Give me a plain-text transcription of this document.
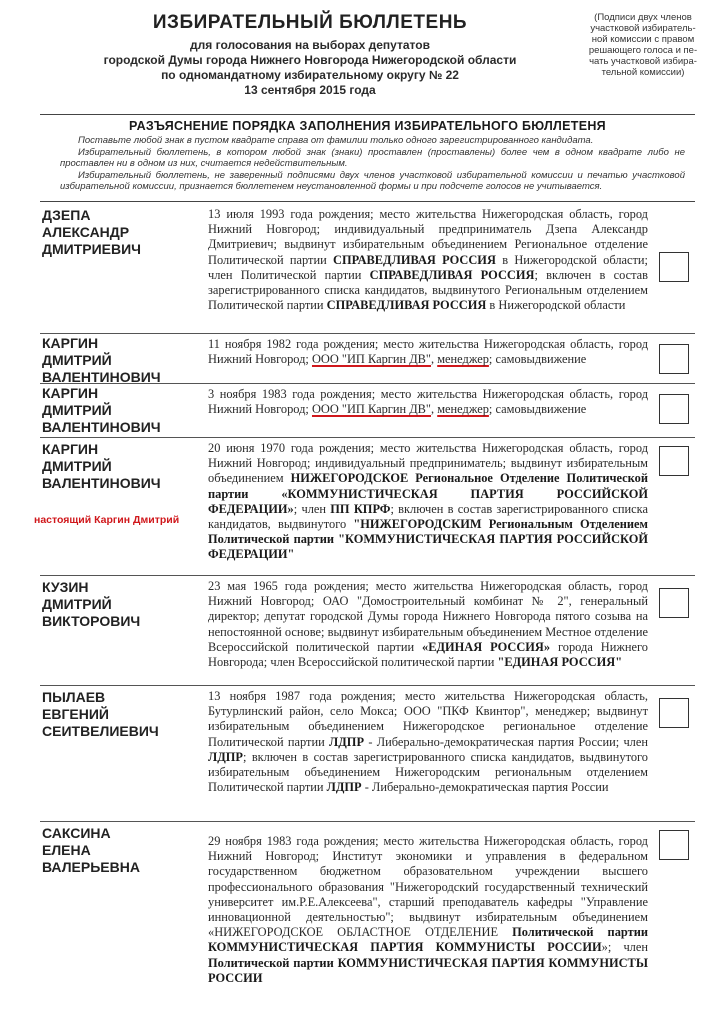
ИЗБИРАТЕЛЬНЫЙ БЮЛЛЕТЕНЬ
для голосования на выборах депутатов
городской Думы города Нижнего Новгорода Нижегородской области
по одномандатному избирательному округу № 22
13 сентября 2015 года
(Подписи двух членов участковой избиратель-ной комиссии с правом решающего голоса и пе-чать участковой избира-тельной комиссии)
РАЗЪЯСНЕНИЕ ПОРЯДКА ЗАПОЛНЕНИЯ ИЗБИРАТЕЛЬНОГО БЮЛЛЕТЕНЯ

Поставьте любой знак в пустом квадрате справа от фамилии только одного зарегистрированного кандидата.

Избирательный бюллетень, в котором любой знак (знаки) проставлен (проставлены) более чем в одном квадрате либо не проставлен ни в одном из них, считается недействительным.

Избирательный бюллетень, не заверенный подписями двух членов участковой избирательной комиссии и печатью участковой избирательной комиссии, признается бюллетенем неустановленной формы и при подсчете голосов не учитывается.

ДЗЕПА
АЛЕКСАНДР
ДМИТРИЕВИЧ
13 июля 1993 года рождения; место жительства Нижегородская область, город Нижний Новгород; индивидуальный предприниматель Дзепа Александр Дмитриевич; выдвинут избирательным объединением Региональное отделение Политической партии СПРАВЕДЛИВАЯ РОССИЯ в Нижегородской области; член Политической партии СПРАВЕДЛИВАЯ РОССИЯ; включен в состав зарегистрированного списка кандидатов, выдвинутого Региональным отделением Политической партии СПРАВЕДЛИВАЯ РОССИЯ в Нижегородской области
КАРГИН
ДМИТРИЙ
ВАЛЕНТИНОВИЧ
11 ноября 1982 года рождения; место жительства Нижегородская область, город Нижний Новгород; ООО "ИП Каргин ДВ", менеджер; самовыдвижение
КАРГИН
ДМИТРИЙ
ВАЛЕНТИНОВИЧ
3 ноября 1983 года рождения; место жительства Нижегородская область, город Нижний Новгород; ООО "ИП Каргин ДВ", менеджер; самовыдвижение
КАРГИН
ДМИТРИЙ
ВАЛЕНТИНОВИЧ
настоящий Каргин Дмитрий
20 июня 1970 года рождения; место жительства Нижегородская область, город Нижний Новгород; индивидуальный предприниматель; выдвинут избирательным объединением НИЖЕГОРОДСКОЕ Региональное Отделение Политической партии «КОММУНИСТИЧЕСКАЯ ПАРТИЯ РОССИЙСКОЙ ФЕДЕРАЦИИ»; член ПП КПРФ; включен в состав зарегистрированного списка кандидатов, выдвинутого "НИЖЕГОРОДСКИМ Региональным Отделением Политической партии "КОММУНИСТИЧЕСКАЯ ПАРТИЯ РОССИЙСКОЙ ФЕДЕРАЦИИ"
КУЗИН
ДМИТРИЙ
ВИКТОРОВИЧ
23 мая 1965 года рождения; место жительства Нижегородская область, город Нижний Новгород; ОАО "Домостроительный комбинат № 2", генеральный директор; депутат городской Думы города Нижнего Новгорода пятого созыва на непостоянной основе; выдвинут избирательным объединением Местное отделение Всероссийской политической партии «ЕДИНАЯ РОССИЯ» города Нижнего Новгорода; член Всероссийской политической партии "ЕДИНАЯ РОССИЯ"
ПЫЛАЕВ
ЕВГЕНИЙ
СЕИТВЕЛИЕВИЧ
13 ноября 1987 года рождения; место жительства Нижегородская область, Бутурлинский район, село Мокса; ООО "ПКФ Квинтор", менеджер; выдвинут избирательным объединением Нижегородское региональное отделение Политической партии ЛДПР - Либерально-демократическая партия России; член ЛДПР; включен в состав зарегистрированного списка кандидатов, выдвинутого избирательным объединением Нижегородским региональным отделением Политической партии ЛДПР - Либерально-демократическая партия России
САКСИНА
ЕЛЕНА
ВАЛЕРЬЕВНА
29 ноября 1983 года рождения; место жительства Нижегородская область, город Нижний Новгород; Институт экономики и управления в федеральном государственном бюджетном образовательном учреждении высшего профессионального образования "Нижегородский государственный технический университет им.Р.Е.Алексеева", старший преподаватель кафедры "Управление инновационной деятельностью"; выдвинут избирательным объединением «НИЖЕГОРОДСКОЕ ОБЛАСТНОЕ ОТДЕЛЕНИЕ Политической партии КОММУНИСТИЧЕСКАЯ ПАРТИЯ КОММУНИСТЫ РОССИИ»; член Политической партии КОММУНИСТИЧЕСКАЯ ПАРТИЯ КОММУНИСТЫ РОССИИ
